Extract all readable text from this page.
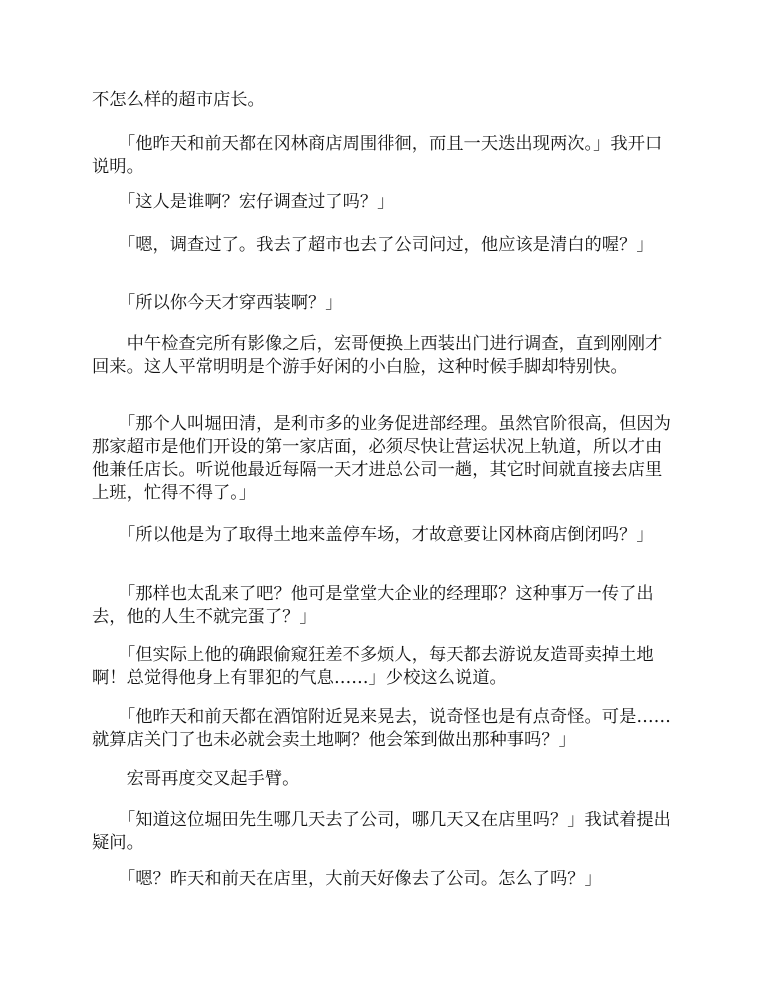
不怎么样的超市店长。

　　「他昨天和前天都在冈林商店周围徘徊，而且一天迭出现两次。」我开口说明。

　　「这人是谁啊？宏仔调查过了吗？」

　　「嗯，调查过了。我去了超市也去了公司问过，他应该是清白的喔？」

　　「所以你今天才穿西装啊？」

　　中午检查完所有影像之后，宏哥便换上西装出门进行调查，直到刚刚才回来。这人平常明明是个游手好闲的小白脸，这种时候手脚却特别快。

　　「那个人叫堀田清，是利市多的业务促进部经理。虽然官阶很高，但因为那家超市是他们开设的第一家店面，必须尽快让营运状况上轨道，所以才由他兼任店长。听说他最近每隔一天才进总公司一趟，其它时间就直接去店里上班，忙得不得了。」

　　「所以他是为了取得土地来盖停车场，才故意要让冈林商店倒闭吗？」

　　「那样也太乱来了吧？他可是堂堂大企业的经理耶？这种事万一传了出去，他的人生不就完蛋了？」

　　「但实际上他的确跟偷窥狂差不多烦人，每天都去游说友造哥卖掉土地啊！总觉得他身上有罪犯的气息……」少校这么说道。

　　「他昨天和前天都在酒馆附近晃来晃去，说奇怪也是有点奇怪。可是……就算店关门了也未必就会卖土地啊？他会笨到做出那种事吗？」

　　宏哥再度交叉起手臂。

　　「知道这位堀田先生哪几天去了公司，哪几天又在店里吗？」我试着提出疑问。

　　「嗯？昨天和前天在店里，大前天好像去了公司。怎么了吗？」
